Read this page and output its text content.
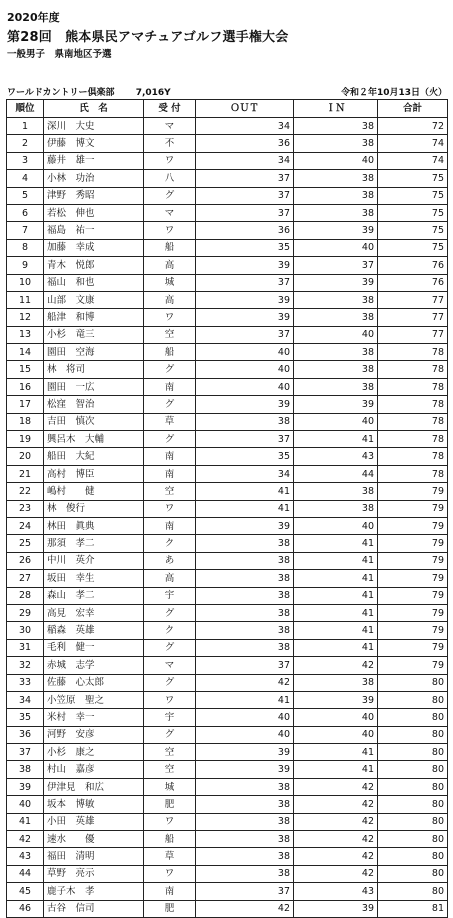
2020年度
第28回　熊本県民アマチュアゴルフ選手権大会
一般男子　県南地区予選
ワールドカントリー倶楽部 7,016Y	令和２年10月13日（火）
順位	氏　名	受 付	ＯＵＴ	ＩＮ	合計
1	深川　大史	マ	34	38	72
2	伊藤　博文	不	36	38	74
3	藤井　雄一	ワ	34	40	74
4	小林　功治	八	37	38	75
5	津野　秀昭	グ	37	38	75
6	若松　伸也	マ	37	38	75
7	福島　祐一	ワ	36	39	75
8	加藤　幸成	船	35	40	75
9	青木　悦郎	高	39	37	76
10	福山　和也	城	37	39	76
11	山部　文康	高	39	38	77
12	船津　和博	ワ	39	38	77
13	小杉　竜三	空	37	40	77
14	園田　空海	船	40	38	78
15	林　将司	グ	40	38	78
16	園田　一広	南	40	38	78
17	松窪　智治	グ	39	39	78
18	吉田　慎次	草	38	40	78
19	興呂木　大輔	グ	37	41	78
20	船田　大紀	南	35	43	78
21	高村　博臣	南	34	44	78
22	嶋村　　健	空	41	38	79
23	林　俊行	ワ	41	38	79
24	林田　眞典	南	39	40	79
25	那須　孝二	ク	38	41	79
26	中川　英介	あ	38	41	79
27	坂田　幸生	高	38	41	79
28	森山　孝二	宇	38	41	79
29	高見　宏幸	グ	38	41	79
30	稲森　英雄	ク	38	41	79
31	毛利　健一	グ	38	41	79
32	赤城　志学	マ	37	42	79
33	佐藤　心太郎	グ	42	38	80
34	小笠原　聖之	ワ	41	39	80
35	米村　幸一	宇	40	40	80
36	河野　安彦	グ	40	40	80
37	小杉　康之	空	39	41	80
38	村山　嘉彦	空	39	41	80
39	伊津見　和広	城	38	42	80
40	坂本　博敏	肥	38	42	80
41	小田　英雄	ワ	38	42	80
42	速水　　優	船	38	42	80
43	福田　清明	草	38	42	80
44	草野　亮示	ワ	38	42	80
45	鹿子木　孝	南	37	43	80
46	古谷　信司	肥	42	39	81
